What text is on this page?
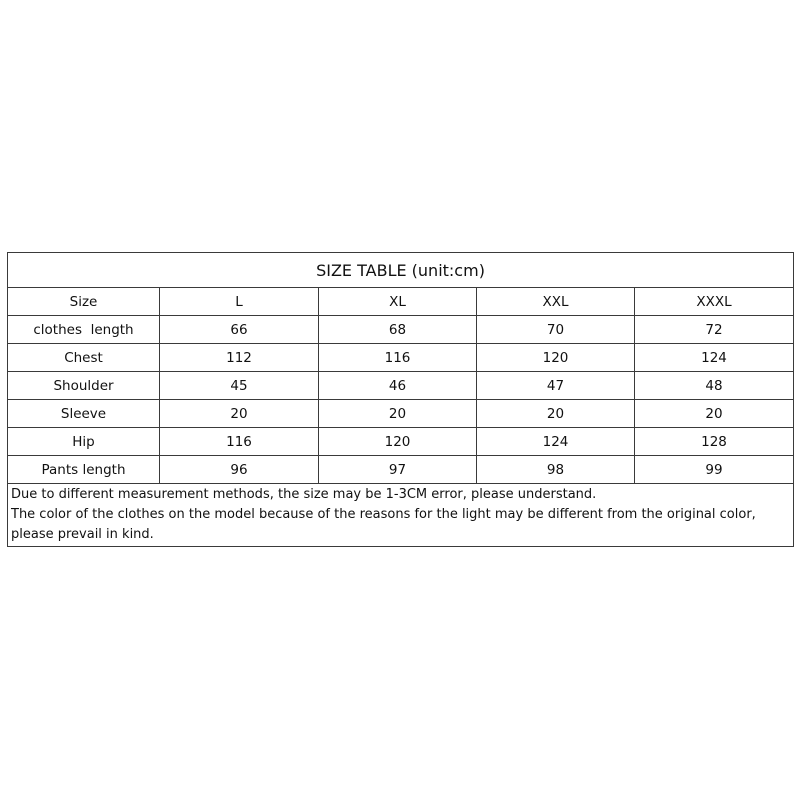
SIZE TABLE (unit:cm)				
Size	L	XL	XXL	XXXL
clothes  length	66	68	70	72
Chest	112	116	120	124
Shoulder	45	46	47	48
Sleeve	20	20	20	20
Hip	116	120	124	128
Pants length	96	97	98	99

Due to different measurement methods, the size may be 1-3CM error, please understand.
The color of the clothes on the model because of the reasons for the light may be different from the original color, please prevail in kind.				
